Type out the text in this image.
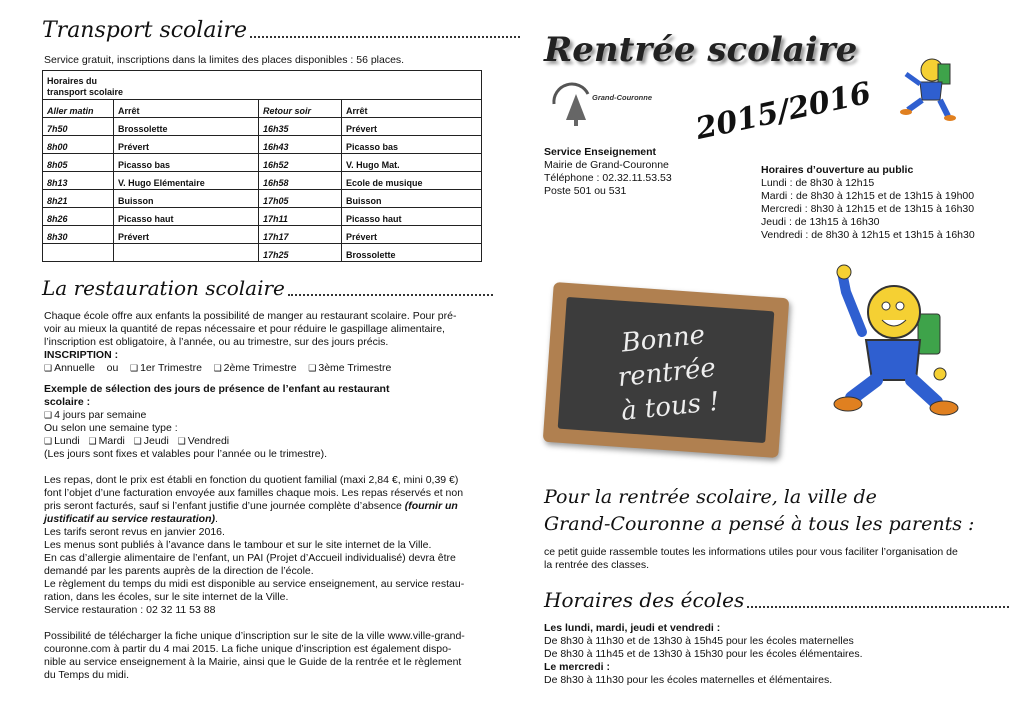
Transport scolaire
Service gratuit, inscriptions dans la limites des places disponibles : 56 places.
Horaires du
transport scolaire			
Aller matin	Arrêt	Retour soir	Arrêt
7h50	Brossolette	16h35	Prévert
8h00	Prévert	16h43	Picasso bas
8h05	Picasso bas	16h52	V. Hugo Mat.
8h13	V. Hugo Elémentaire	16h58	Ecole de musique
8h21	Buisson	17h05	Buisson
8h26	Picasso haut	17h11	Picasso haut
8h30	Prévert	17h17	Prévert
		17h25	Brossolette
La restauration scolaire
Chaque école offre aux enfants la possibilité de manger au restaurant scolaire. Pour pré-
voir au mieux la quantité de repas nécessaire et pour réduire le gaspillage alimentaire,
l’inscription est obligatoire, à l’année, ou au trimestre, sur des jours précis.
INSCRIPTION :
❑ Annuelle ou ❑ 1er Trimestre ❑ 2ème Trimestre ❑ 3ème Trimestre
Exemple de sélection des jours de présence de l’enfant au restaurant
scolaire :
❑ 4 jours par semaine
Ou selon une semaine type :
❑ Lundi ❑ Mardi ❑ Jeudi ❑ Vendredi
(Les jours sont fixes et valables pour l’année ou le trimestre).
Les repas, dont le prix est établi en fonction du quotient familial (maxi 2,84 €, mini 0,39 €)
font l’objet d’une facturation envoyée aux familles chaque mois. Les repas réservés et non
pris seront facturés, sauf si l’enfant justifie d’une journée complète d’absence (fournir un
justificatif au service restauration).
Les tarifs seront revus en janvier 2016.
Les menus sont publiés à l’avance dans le tambour et sur le site internet de la Ville.
En cas d’allergie alimentaire de l’enfant, un PAI (Projet d’Accueil individualisé) devra être
demandé par les parents auprès de la direction de l’école.
Le règlement du temps du midi est disponible au service enseignement, au service restau-
ration, dans les écoles, sur le site internet de la Ville.
Service restauration : 02 32 11 53 88
Possibilité de télécharger la fiche unique d’inscription sur le site de la ville www.ville-grand-
couronne.com à partir du 4 mai 2015. La fiche unique d’inscription est également dispo-
nible au service enseignement à la Mairie, ainsi que le Guide de la rentrée et le règlement
du Temps du midi.
Rentrée scolaire
Grand-Couronne 2015/2016
Service Enseignement
Mairie de Grand-Couronne
Téléphone : 02.32.11.53.53
Poste 501 ou 531
Horaires d’ouverture au public
Lundi : de 8h30 à 12h15
Mardi : de 8h30 à 12h15 et de 13h15 à 19h00
Mercredi : 8h30 à 12h15 et de 13h15 à 16h30
Jeudi : de 13h15 à 16h30
Vendredi : de 8h30 à 12h15 et 13h15 à 16h30
Bonne rentrée
à tous !
Pour la rentrée scolaire, la ville de
Grand-Couronne a pensé à tous les parents :
ce petit guide rassemble toutes les informations utiles pour vous faciliter l’organisation de
la rentrée des classes.
Horaires des écoles
Les lundi, mardi, jeudi et vendredi :
De 8h30 à 11h30 et de 13h30 à 15h45 pour les écoles maternelles
De 8h30 à 11h45 et de 13h30 à 15h30 pour les écoles élémentaires.
Le mercredi :
De 8h30 à 11h30 pour les écoles maternelles et élémentaires.
